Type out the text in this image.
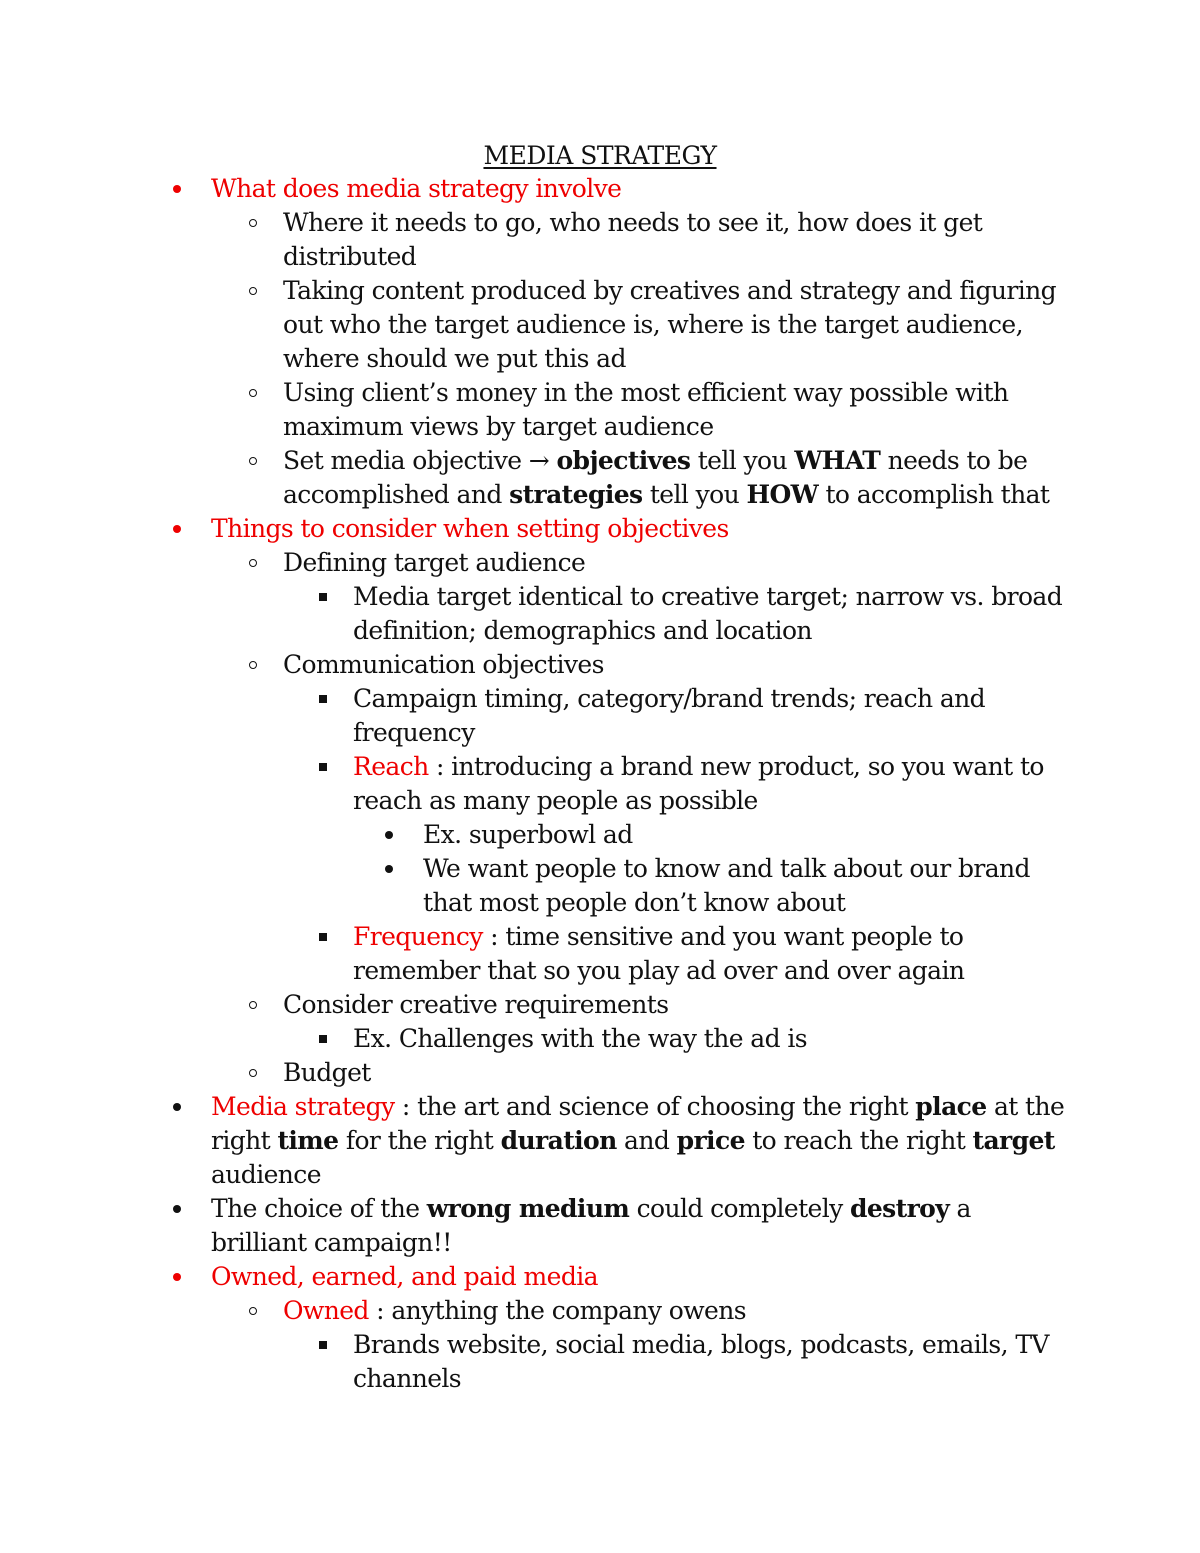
MEDIA STRATEGY
What does media strategy involve
Where it needs to go, who needs to see it, how does it get distributed
Taking content produced by creatives and strategy and figuring out who the target audience is, where is the target audience, where should we put this ad
Using client’s money in the most efficient way possible with maximum views by target audience
Set media objective → objectives tell you WHAT needs to be accomplished and strategies tell you HOW to accomplish that
Things to consider when setting objectives
Defining target audience
Media target identical to creative target; narrow vs. broad definition; demographics and location
Communication objectives
Campaign timing, category/brand trends; reach and frequency
Reach : introducing a brand new product, so you want to reach as many people as possible
Ex. superbowl ad
We want people to know and talk about our brand that most people don’t know about
Frequency : time sensitive and you want people to remember that so you play ad over and over again
Consider creative requirements
Ex. Challenges with the way the ad is
Budget
Media strategy : the art and science of choosing the right place at the right time for the right duration and price to reach the right target audience
The choice of the wrong medium could completely destroy a brilliant campaign!!
Owned, earned, and paid media
Owned : anything the company owens
Brands website, social media, blogs, podcasts, emails, TV channels
